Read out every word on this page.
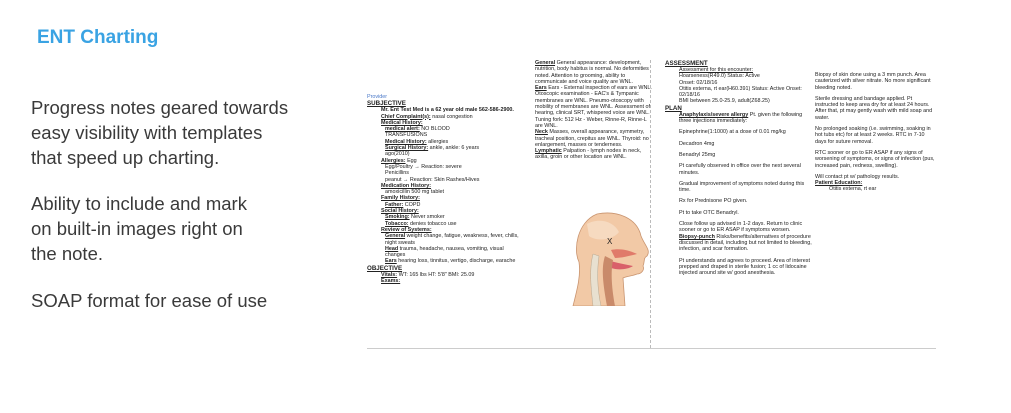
ENT Charting
Progress notes geared towards
easy visibility with templates
that speed up charting.
Ability to include and mark
on built-in images right on
the note.
SOAP format for ease of use
Provider
SUBJECTIVE
Mr. Ent Test Med is a 62 year old male 562-586-2900.
Chief Complaint(s): nasal congestion
Medical History:
medical alert: NO BLOOD
TRANSFUSIONS
Medical History: allergies
Surgical History: ankle, ankle: 6 years
ago(2010)
Allergies: Egg
Egg/Poultry → Reaction: severe
Penicillins
peanut → Reaction: Skin Rashes/Hives
Medication History:
amoxicillin 500 mg tablet
Family History:
Father: COPD
Social History:
Smoking: Never smoker
Tobacco: denies tobacco use
Review of Systems:
General weight change, fatigue, weakness, fever, chills, night sweats
Head trauma, headache, nausea, vomiting, visual changes
Ears hearing loss, tinnitus, vertigo, discharge, earache
OBJECTIVE
Vitals: WT: 165 lbs HT: 5'8" BMI: 25.09
Exams:
General General appearance: development, nutrition, body habitus is normal. No deformities noted. Attention to grooming, ability to communicate and voice quality are WNL.
Ears Ears - External inspection of ears are WNL. Otoscopic examination - EAC's & Tympanic membranes are WNL. Pneumo-otoscopy with mobility of membranes are WNL. Assessment of hearing, clinical SRT, whispered voice are WNL. Tuning fork: 512 Hz - Weber, Rinne-R, Rinne-L are WNL.
Neck Masses, overall appearance, symmetry, tracheal position, crepitus are WNL. Thyroid: no enlargement, masses or tenderness.
Lymphatic Palpation - lymph nodes in neck, axilla, groin or other location are WNL.
X
ASSESSMENT
Assessment for this encounter:
Hoarseness(R49.0) Status: Active
Onset: 02/18/16
Otitis externa, rt ear(H60.391) Status: Active Onset: 02/18/16
BMI between 25.0-25.9, adult(Z68.25)
PLAN
Anaphylaxis/severe allergy Pt. given the following three injections immediately:
Epinephrine(1:1000) at a dose of 0.01 mg/kg
Decadron 4mg
Benadryl 25mg
Pt carefully observed in office over the next several minutes.
Gradual improvement of symptoms noted during this time.
Rx for Prednisone PO given.
Pt to take OTC Benadryl.
Close follow up advised in 1-2 days. Return to clinic sooner or go to ER ASAP if symptoms worsen.
Biopsy-punch Risks/benefits/alternatives of procedure discussed in detail, including but not limited to bleeding, infection, and scar formation.
Pt understands and agrees to proceed. Area of interest prepped and draped in sterile fusion; 1 cc of lidocaine injected around site w/ good anesthesia.
Biopsy of skin done using a 3 mm punch. Area cauterized with silver nitrate. No more significant bleeding noted.
Sterile dressing and bandage applied. Pt instructed to keep area dry for at least 24 hours. After that, pt may gently wash with mild soap and water.
No prolonged soaking (i.e. swimming, soaking in hot tubs etc) for at least 2 weeks. RTC in 7-10 days for suture removal.
RTC sooner or go to ER ASAP if any signs of worsening of symptoms, or signs of infection (pus, increased pain, redness, swelling).
Will contact pt w/ pathology results.
Patient Education:
Otitis externa, rt ear
